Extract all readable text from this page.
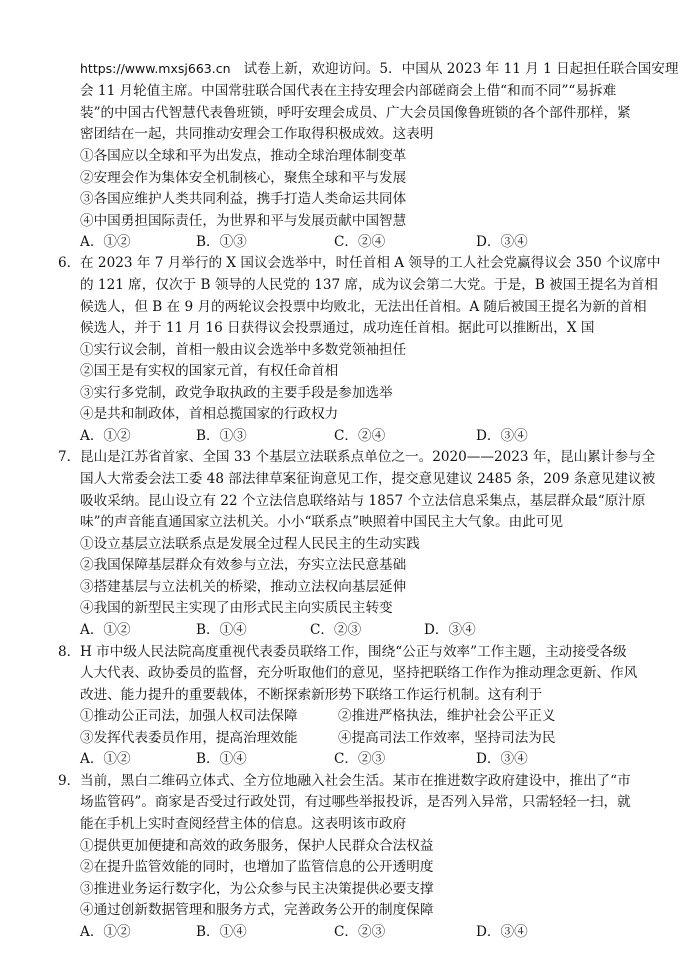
https://www.mxsj663.cn 试卷上新，欢迎访问。5．中国从 2023 年 11 月 1 日起担任联合国安理
会 11 月轮值主席。中国常驻联合国代表在主持安理会内部磋商会上借“和而不同”“易拆难
装”的中国古代智慧代表鲁班锁，呼吁安理会成员、广大会员国像鲁班锁的各个部件那样，紧
密团结在一起，共同推动安理会工作取得积极成效。这表明
①各国应以全球和平为出发点，推动全球治理体制变革
②安理会作为集体安全机制核心，聚焦全球和平与发展
③各国应维护人类共同利益，携手打造人类命运共同体
④中国勇担国际责任，为世界和平与发展贡献中国智慧
A．①②	B．①③	C．②④	D．③④
6． 在 2023 年 7 月举行的 X 国议会选举中，时任首相 A 领导的工人社会党赢得议会 350 个议席中
的 121 席，仅次于 B 领导的人民党的 137 席，成为议会第二大党。于是，B 被国王提名为首相
候选人，但 B 在 9 月的两轮议会投票中均败北，无法出任首相。A 随后被国王提名为新的首相
候选人，并于 11 月 16 日获得议会投票通过，成功连任首相。据此可以推断出，X 国
①实行议会制，首相一般由议会选举中多数党领袖担任
②国王是有实权的国家元首，有权任命首相
③实行多党制，政党争取执政的主要手段是参加选举
④是共和制政体，首相总揽国家的行政权力
A．①②	B．①③	C．②④	D．③④
7． 昆山是江苏省首家、全国 33 个基层立法联系点单位之一。2020——2023 年，昆山累计参与全
国人大常委会法工委 48 部法律草案征询意见工作，提交意见建议 2485 条，209 条意见建议被
吸收采纳。昆山设立有 22 个立法信息联络站与 1857 个立法信息采集点，基层群众最“原汁原
味”的声音能直通国家立法机关。小小“联系点”映照着中国民主大气象。由此可见
①设立基层立法联系点是发展全过程人民民主的生动实践
②我国保障基层群众有效参与立法，夯实立法民意基础
③搭建基层与立法机关的桥梁，推动立法权向基层延伸
④我国的新型民主实现了由形式民主向实质民主转变
A．①②	B．①④	C．②③	D．③④
8． H 市中级人民法院高度重视代表委员联络工作，围绕“公正与效率”工作主题，主动接受各级
人大代表、政协委员的监督，充分听取他们的意见，坚持把联络工作作为推动理念更新、作风
改进、能力提升的重要载体，不断探索新形势下联络工作运行机制。这有利于
①推动公正司法，加强人权司法保障	②推进严格执法，维护社会公平正义
③发挥代表委员作用，提高治理效能	④提高司法工作效率，坚持司法为民
A．①②	B．①④	C．②③	D．③④
9． 当前，黑白二维码立体式、全方位地融入社会生活。某市在推进数字政府建设中，推出了“市
场监管码”。商家是否受过行政处罚，有过哪些举报投诉，是否列入异常，只需轻轻一扫，就
能在手机上实时查阅经营主体的信息。这表明该市政府
①提供更加便捷和高效的政务服务，保护人民群众合法权益
②在提升监管效能的同时，也增加了监管信息的公开透明度
③推进业务运行数字化，为公众参与民主决策提供必要支撑
④通过创新数据管理和服务方式，完善政务公开的制度保障
A．①②	B．①④	C．②③	D．③④
